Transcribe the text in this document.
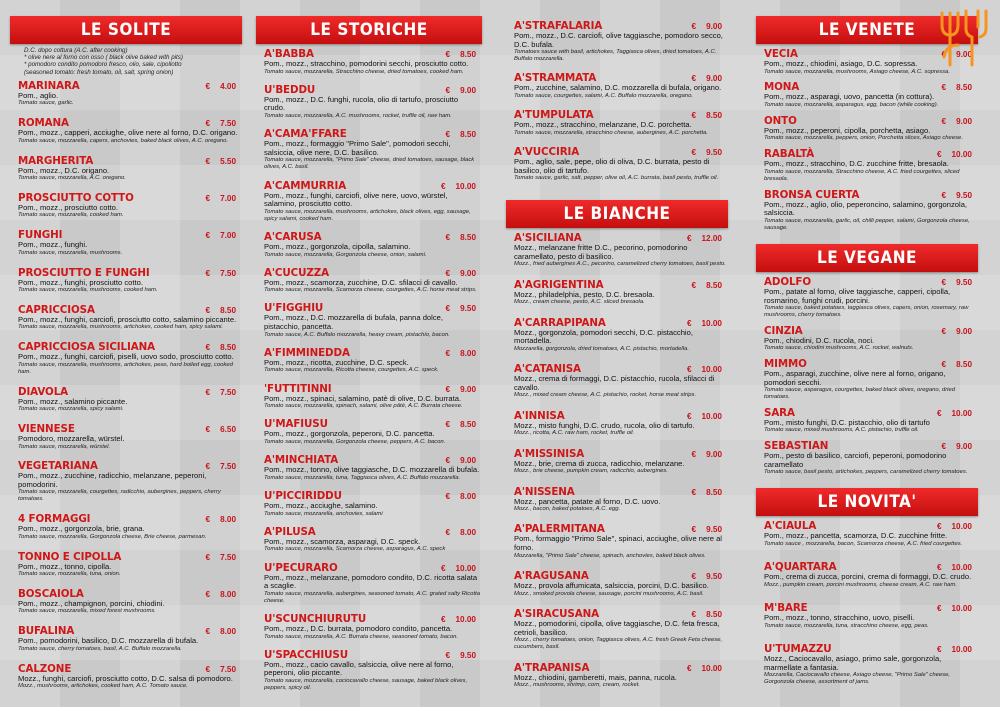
LE SOLITE
D.C. dopo cottura (A.C. after cooking)
* olive nere al forno con osso ( black olive baked with pits)
* pomodoro condito pomodoro fresco, olio, sale, cipollotto
(seasoned tomato: fresh tomato, oil, salt, spring onion)
MARINARA	€ 4.00
Pom., aglio.
Tomato sauce, garlic.
ROMANA	€ 7.50
Pom., mozz., capperi, acciughe, olive nere al forno, D.C. origano.
Tomato sauce, mozzarella, capers, anchovies, baked black olives, A.C. oregano.
MARGHERITA	€ 5.50
Pom., mozz., D.C. origano.
Tomato sauce, mozzarella, A.C. oregano.
PROSCIUTTO COTTO	€ 7.00
Pom., mozz., prosciutto cotto.
Tomato sauce, mozzarella, cooked ham.
FUNGHI	€ 7.00
Pom., mozz., funghi.
Tomato sauce, mozzarella, mushrooms.
PROSCIUTTO E FUNGHI	€ 7.50
Pom., mozz., funghi, prosciutto cotto.
Tomato sauce, mozzarella, mushrooms, cooked ham.
CAPRICCIOSA	€ 8.50
Pom., mozz., funghi, carciofi, prosciutto cotto, salamino piccante.
Tomato sauce, mozzarella, mushrooms, artichokes, cooked ham, spicy salami.
CAPRICCIOSA SICILIANA	€ 8.50
Pom., mozz., funghi, carciofi, piselli, uovo sodo, prosciutto cotto.
Tomato sauce, mozzarella, mushrooms, artichokes, peas, hard boiled egg, cooked ham.
DIAVOLA	€ 7.50
Pom., mozz., salamino piccante.
Tomato sauce, mozzarella, spicy salami.
VIENNESE	€ 6.50
Pomodoro, mozzarella, würstel.
Tomato sauce, mozzarella, würstel.
VEGETARIANA	€ 7.50
Pom., mozz., zucchine, radicchio, melanzane, peperoni, pomodorini.
Tomato sauce, mozzarella, courgettes, radicchio, aubergines, peppers, cherry tomatoes.
4 FORMAGGI	€ 8.00
Pom., mozz., gorgonzola, brie, grana.
Tomato sauce, mozzarella, Gorgonzola cheese, Brie cheese, parmesan.
TONNO E CIPOLLA	€ 7.50
Pom., mozz., tonno, cipolla.
Tomato sauce, mozzarella, tuna, onion.
BOSCAIOLA	€ 8.00
Pom., mozz., champignon, porcini, chiodini.
Tomato sauce, mozzarella, mixed forest mushrooms.
BUFALINA	€ 8.00
Pom., pomodorini, basilico, D.C. mozzarella di bufala.
Tomato sauce, cherry tomatoes, basil, A.C. Buffalo mozzarella.
CALZONE	€ 7.50
Mozz., funghi, carciofi, prosciutto cotto, D.C. salsa di pomodoro.
Mozz., mushrooms, artichokes, cooked ham, A.C. Tomato sauce.
LE STORICHE
A'BABBA	€ 8.50
Pom., mozz., stracchino, pomodorini secchi, prosciutto cotto.
Tomato sauce, mozzarella, Stracchino cheese, dried tomatoes, cooked ham.
U'BEDDU	€ 9.00
Pom., mozz., D.C. funghi, rucola, olio di tartufo, prosciutto crudo.
Tomato sauce, mozzarella, A.C. mushrooms, rocket, truffle oil, raw ham.
A'CAMA'FFARE	€ 8.50
Pom., mozz., formaggio "Primo Sale", pomodori secchi, salsiccia, olive nere, D.C. basilico.
Tomato sauce, mozzarella, "Primo Sale" cheese, dried tomatoes, sausage, black olives, A.C. basil.
A'CAMMURRIA	€ 10.00
Pom., mozz., funghi, carciofi, olive nere, uovo, würstel, salamino, prosciutto cotto.
Tomato sauce, mozzarella, mushrooms, artichokes, black olives, egg, sausage, spicy salami, cooked ham.
A'CARUSA	€ 8.50
Pom., mozz., gorgonzola, cipolla, salamino.
Tomato sauce, mozzarella, Gorgonzola cheese, onion, salami.
A'CUCUZZA	€ 9.00
Pom., mozz., scamorza, zucchine, D.C. sfilacci di cavallo.
Tomato sauce, mozzarella, Scamorza cheese, courgettes, A.C. horse meat strips.
U'FIGGHIU	€ 9.50
Pom., mozz., D.C. mozzarella di bufala, panna dolce, pistacchio, pancetta.
Tomato sauce, A.C. Buffalo mozzarella, heavy cream, pistachio, bacon.
A'FIMMINEDDA	€ 8.00
Pom., mozz., ricotta, zucchine, D.C. speck.
Tomato sauce, mozzarella, Ricotta cheese, courgettes, A.C. speck.
'FUTTITINNI	€ 9.00
Pom., mozz., spinaci, salamino, patè di olive, D.C. burrata.
Tomato sauce, mozzarella, spinach, salami, olive pâté, A.C. Burrata cheese.
U'MAFIUSU	€ 8.50
Pom., mozz., gorgonzola, peperoni, D.C. pancetta.
Tomato sauce, mozzarella, Gorgonzola cheese, peppers, A.C. bacon.
A'MINCHIATA	€ 9.00
Pom., mozz., tonno, olive taggiasche, D.C. mozzarella di bufala.
Tomato sauce, mozzarella, tuna, Taggiasca olives, A.C. Buffalo mozzarella.
U'PICCIRIDDU	€ 8.00
Pom., mozz., acciughe, salamino.
Tomato sauce, mozzarella, anchovies, salami
A'PILUSA	€ 8.00
Pom., mozz., scamorza, asparagi, D.C. speck.
Tomato sauce, mozzarella, Scamorza cheese, asparagus, A.C. speck
U'PECURARO	€ 10.00
Pom., mozz., melanzane, pomodoro condito, D.C. ricotta salata a scaglie.
Tomato sauce, mozzarella, aubergines, seasoned tomato, A.C. grated salty Ricotta cheese.
U'SCUNCHIURUTU	€ 10.00
Pom., mozz., D.C. burrata, pomodoro condito, pancetta.
Tomato sauce, mozzarella, A.C. Burrata cheese, seasoned tomato, bacon.
U'SPACCHIUSU	€ 9.50
Pom., mozz., cacio cavallo, salsiccia, olive nere al forno, peperoni, olio piccante.
Tomato sauce, mozzarella, cociocavallo cheese, sausage, baked black olives, peppers, spicy oil.
A'STRAFALARIA	€ 9.00
Pom., mozz., D.C. carciofi, olive taggiasche, pomodoro secco, D.C. bufala.
Tomatoes sauce with basil, artichokes, Taggiasca olives, dried tomatoes, A.C. Buffalo mozzarella.
A'STRAMMATA	€ 9.00
Pom., zucchine, salamino, D.C. mozzarella di bufala, origano.
Tomato sauce, courgettes, salami, A.C. Buffalo mozzarella, oregano.
A'TUMPULATA	€ 8.50
Pom., mozz., stracchino, melanzane, D.C. porchetta.
Tomato sauce, mozzarella, stracchino cheese, aubergines, A.C. porchetta.
A'VUCCIRIA	€ 9.50
Pom., aglio, sale, pepe, olio di oliva, D.C. burrata, pesto di basilico, olio di tartufo.
Tomato sauce, garlic, salt, pepper, olive oil, A.C. burrata, basil pesto, truffle oil.
LE BIANCHE
A'SICILIANA	€ 12.00
Mozz., melanzane fritte D.C., pecorino, pomodorino caramellato, pesto di basilico.
Mozz., fried aubergines A.C., pecorino, caramelized cherry tomatoes, basil pesto.
A'AGRIGENTINA	€ 8.50
Mozz., philadelphia, pesto, D.C. bresaola.
Mozz., cream cheese, pesto, A.C. sliced bresaola.
A'CARRAPIPANA	€ 10.00
Mozz., gorgonzola, pomodori secchi, D.C. pistacchio, mortadella.
Mozzarella, gorgonzola, dried tomatoes, A.C. pistachio, mortadella.
A'CATANISA	€ 10.00
Mozz., crema di formaggi, D.C. pistacchio, rucola, sfilacci di cavallo.
Mozz., mixed cream cheese, A.C. pistachio, rocket, horse meat strips.
A'INNISA	€ 10.00
Mozz., misto funghi, D.C. crudo, rucola, olio di tartufo.
Mozz., ricotta, A.C. raw ham, rocket, truffle oil.
A'MISSINISA	€ 9.00
Mozz., brie, crema di zucca, radicchio, melanzane.
Mozz., brie cheese, pumpkin cream, radicchio, aubergines.
A'NISSENA	€ 8.50
Mozz., pancetta, patate al forno, D.C. uovo.
Mozz., bacon, baked potatoes, A.C. egg.
A'PALERMITANA	€ 9.50
Pom., formaggio "Primo Sale", spinaci, acciughe, olive nere al forno.
Mozzarella, "Primo Sale" cheese, spinach, anchovies, baked black olives.
A'RAGUSANA	€ 9.50
Mozz., provola affumicata, salsiccia, porcini, D.C. basilico.
Mozz., smoked provola cheese, sausage, porcini mushrooms, A.C. basil.
A'SIRACUSANA	€ 8.50
Mozz., pomodorini, cipolla, olive taggiasche, D.C. feta fresca, cetrioli, basilico.
Mozz., cherry tomatoes, onion, Taggiasca olives, A.C. fresh Greek Feta cheese, cucumbers, basil.
A'TRAPANISA	€ 10.00
Mozz., chiodini, gamberetti, mais, panna, rucola.
Mozz., mushrooms, shrimp, corn, cream, rocket.
LE VENETE
VECIA	€ 9.00
Pom., mozz., chiodini, asiago, D.C. sopressa.
Tomato sauce, mozzarella, mushrooms, Asiago cheese, A.C. sopressa.
MONA	€ 8.50
Pom., mozz., asparagi, uovo, pancetta (in cottura).
Tomato sauce, mozzarella, asparagus, egg, bacon (while cooking).
ONTO	€ 9.00
Pom., mozz., peperoni, cipolla, porchetta, asiago.
Tomato sauce, mozzarella, peppers, onion, Porchetta slices, Asiago cheese.
RABALTÀ	€ 10.00
Pom., mozz., stracchino, D.C. zucchine fritte, bresaola.
Tomato sauce, mozzarella, Stracchino cheese, A.C. fried courgettes, sliced bresaola.
BRONSA CUERTA	€ 9.50
Pom., mozz., aglio, olio, peperoncino, salamino, gorgonzola, salsiccia.
Tomato sauce, mozzarella, garlic, oil, chilli pepper, salami, Gorgonzola cheese, sausage.
LE VEGANE
ADOLFO	€ 9.50
Pom., patate al forno, olive taggiasche, capperi, cipolla, rosmarino, funghi crudi, porcini.
Tomato sauce, baked potatoes, taggiasca olives, capers, onion, rosemary, raw mushrooms, cherry tomatoes.
CINZIA	€ 9.00
Pom., chiodini, D.C. rucola, noci.
Tomato sauce, chiodini mushrooms, A.C. rocket, walnuts.
MIMMO	€ 8.50
Pom., asparagi, zucchine, olive nere al forno, origano, pomodori secchi.
Tomato sauce, asparagus, courgettes, baked black olives, oregano, dried tomatoes.
SARA	€ 10.00
Pom., misto funghi, D.C. pistacchio, olio di tartufo
Tomato sauce, mixed mushrooms, A.C. pistachio, truffle oil.
SEBASTIAN	€ 9.00
Pom., pesto di basilico, carciofi, peperoni, pomodorino caramellato
Tomato sauce, basil pesto, artichokes, peppers, caramelized cherry tomatoes.
LE NOVITA'
A'CIAULA	€ 10.00
Pom., mozz., pancetta, scamorza, D.C. zucchine fritte.
Tomato sauce , mozzarella, bacon, Scamorza cheese, A.C. fried courgettes.
A'QUARTARA	€ 10.00
Pom., crema di zucca, porcini, crema di formaggi, D.C. crudo.
Mozz., pumpkin cream, porcini mushrooms, cheese cream, A.C. raw ham.
M'BARE	€ 10.00
Pom., mozz., tonno, stracchino, uovo, piselli.
Tomato sauce, mozzarella, tuna, stracchino cheese, egg, peas.
U'TUMAZZU	€ 10.00
Mozz., Caciocavallo, asiago, primo sale, gorgonzola, marmellate a fantasia.
Mozzarella, Caciocavallo cheese, Asiago cheese, "Primo Sale" cheese, Gorgonzola cheese, assortment of jams.
